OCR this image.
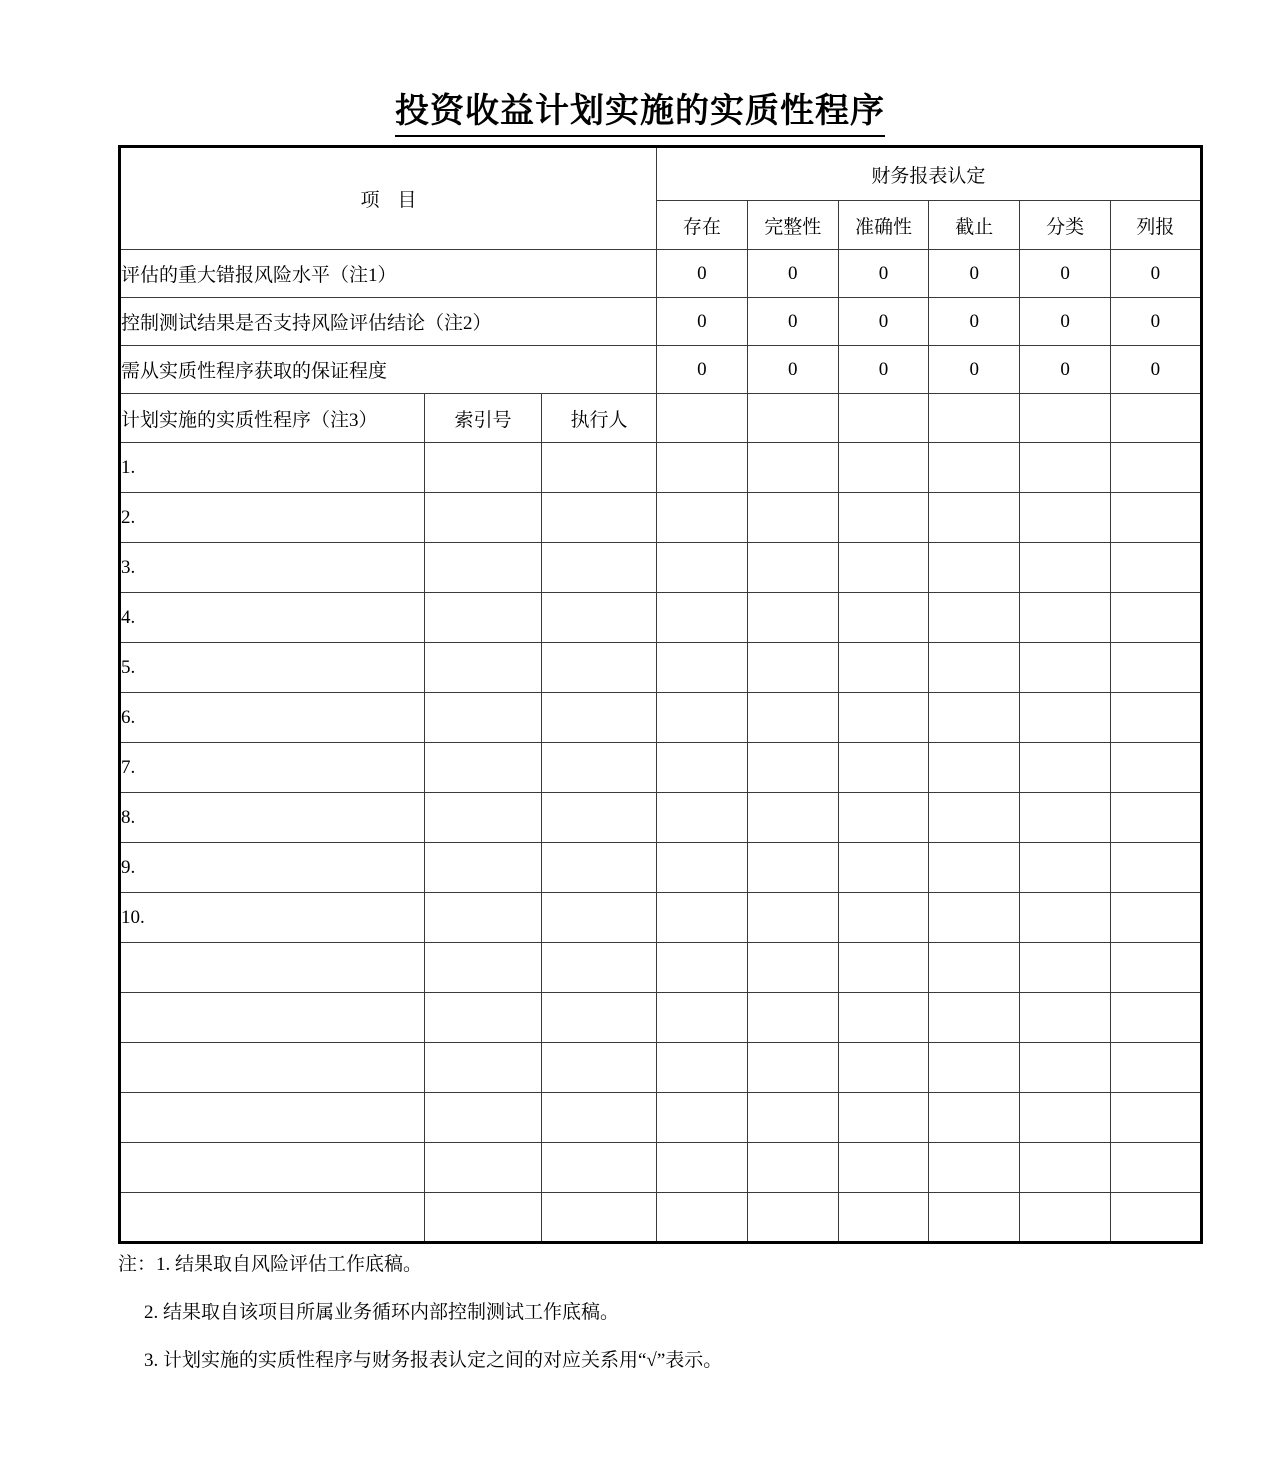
投资收益计划实施的实质性程序
项 目			财务报表认定					
			存在	完整性	准确性	截止	分类	列报
评估的重大错报风险水平（注1）			0	0	0	0	0	0
控制测试结果是否支持风险评估结论（注2）			0	0	0	0	0	0
需从实质性程序获取的保证程度			0	0	0	0	0	0
计划实施的实质性程序（注3）	索引号	执行人						
1.								
2.								
3.								
4.								
5.								
6.								
7.								
8.								
9.								
10.								

注：1. 结果取自风险评估工作底稿。
2. 结果取自该项目所属业务循环内部控制测试工作底稿。
3. 计划实施的实质性程序与财务报表认定之间的对应关系用“√”表示。
